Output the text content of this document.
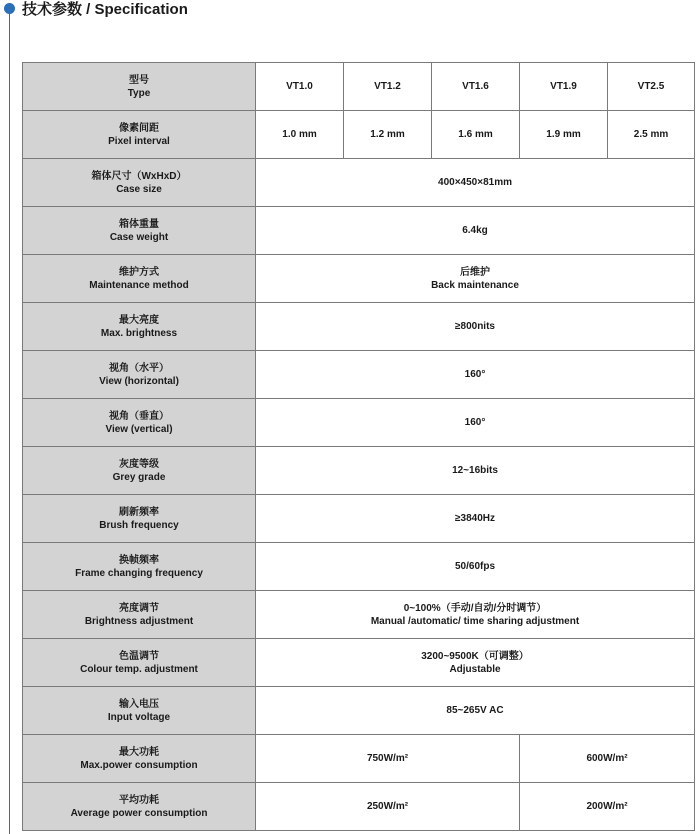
技术参数 / Specification
型号
Type	VT1.0	VT1.2	VT1.6	VT1.9	VT2.5

像素间距
Pixel interval	1.0 mm	1.2 mm	1.6 mm	1.9 mm	2.5 mm

箱体尺寸（WxHxD）
Case size	400×450×81mm				

箱体重量
Case weight	6.4kg				

维护方式
Maintenance method	后维护
Back maintenance				

最大亮度
Max. brightness	≥800nits				

视角（水平）
View (horizontal)	160°				

视角（垂直）
View (vertical)	160°				

灰度等级
Grey grade	12~16bits				

刷新频率
Brush frequency	≥3840Hz				

换帧频率
Frame changing frequency	50/60fps				

亮度调节
Brightness adjustment	0~100%（手动/自动/分时调节）
Manual /automatic/ time sharing adjustment				

色温调节
Colour temp. adjustment	3200~9500K（可调整）
Adjustable				

输入电压
Input voltage	85~265V AC				

最大功耗
Max.power consumption	750W/m²			600W/m²	

平均功耗
Average power consumption	250W/m²			200W/m²	
